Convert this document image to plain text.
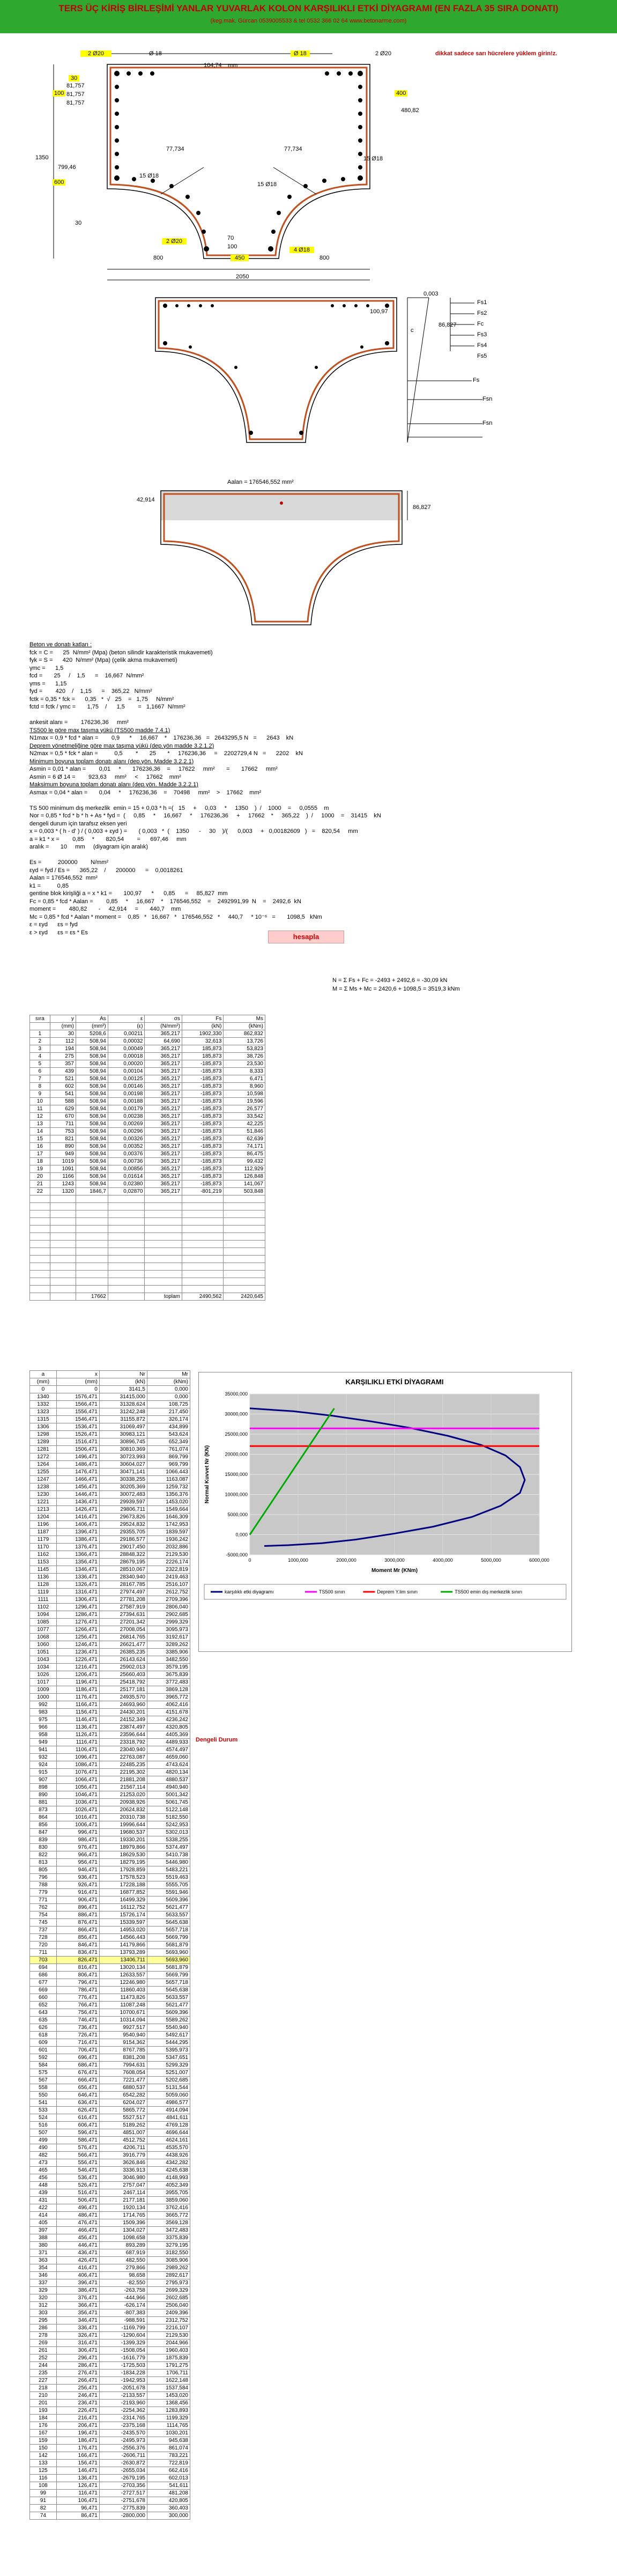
TERS ÜÇ KİRİŞ BİRLEŞİMİ YANLAR YUVARLAK KOLON KARŞILIKLI ETKİ DİYAGRAMI (EN FAZLA 35 SIRA DONATI)
(keg.mak. Gürcan 0539005533 & tel 0532 366 02 64 www.betonarme.com)
2 Ø20	Ø 18
104,74 mm
Ø 18	2 Ø20	dikkat sadece sarı hücrelere yüklem girin!z.
30
81,757
81,757
81,757
100
1350
799,46
600
480,82
400
77,734	77,734
15 Ø18
15 Ø18
15 Ø18
30
2 Ø20	70
100	4 Ø18
800	450	800
2050
0,003
Fs1
Fs2
Fc
Fs3
Fs4
Fs5
86,827
c
100,97
Fs
Fsn
Fsn
Aalan = 176546,552 mm²
42,914
86,827
Beton ve donatı katları :
fck = C =      25  N/mm² (Mpa) (beton silindir karakteristik mukavemeti)
fyk = S =      420  N/mm² (Mpa) (çelik akma mukavemeti)
γmc =      1,5
fcd =       25     /    1,5      =    16,667  N/mm²
γms =      1,15
fyd =        420    /    1,15      =    365,22   N/mm²
fctk = 0,35 * fck =      0,35   *  √   25    =   1,75     N/mm²
fctd = fctk / γmc =       1,75    /      1,5        =   1,1667  N/mm²
ankesit alanı =        176236,36     mm²
TS500 le göre max taşıma yükü (TS500 madde 7.4.1)
N1max = 0,9 * fcd * alan =        0,9      *     16,667    *    176236,36   =   2643295,5 N   =      2643    kN
Deprem yönetmeliğine göre max taşıma yükü (dep.yön madde 3.2.1.2)
N2max = 0,5 * fck * alan =          0,5        *       25       *     176236,36     =    2202729,4 N   =      2202    kN
Minimum boyuna toplam donatı alanı (dep.yön. Madde 3.2.2.1)
Asmin = 0,01 * alan =        0,01     *       176236,36    =     17622     mm²       =       17662     mm²
Asmin = 6 Ø 14 =        923,63     mm²     <     17662    mm²
Maksimum boyuna toplam donatı alanı (dep.yön. Madde 3.2.2.1)
Asmax = 0,04 * alan =       0,04     *     176236,36    =    70498     mm²    >    17662    mm²
TS 500 minimum dış merkezlik  emin = 15 + 0,03 * h =(   15     +     0,03     *     1350    )  /    1000    =     0,0555    m
Nor = 0,85 * fcd * b * h + As * fyd =  (     0,85     *     16,667     *     176236,36     +     17662    *     365,22    )  /     1000    =    31415    kN
dengeli durum için tarafsız eksen yeri
x = 0,003 * ( h - d' ) / ( 0,003 + εyd ) =       ( 0,003   *  (    1350      -     30    )/(      0,003     +   0,00182609   )   =    820,54     mm
a = k1 * x =        0,85     *       820,54        =      697,46     mm
aralık =       10     mm     (diyagram için aralık)
Es =          200000        N/mm²
εyd = fyd / Es =      365,22    /      200000      =    0,0018261
Aalan = 176546,552  mm²
k1 =          0,85
gentine blok kirişliği a = x * k1 =       100,97      *      0,85      =     85,827  mm
Fc = 0,85 * fcd * Aalan =        0,85     *     16,667    *    176546,552    =    2492991,99  N    =    2492,6  kN
moment =        480,82       -     42,914     =       440,7    mm
Mc = 0,85 * fcd * Aalan * moment =    0,85   *   16,667   *   176546,552   *     440,7     * 10⁻⁶   =       1098,5   kNm
ε = εyd      εs = fyd
ε > εyd      εs = εs * Es
hesapla
N = Σ Fs + Fc = -2493 + 2492,6 = -30,09 kN
M = Σ Ms + Mc = 2420,6 + 1098,5 = 3519,3 kNm
sıra	y	As	ε	σs	Fs	Ms
	(mm)	(mm²)	(ε)	(N/mm²)	(kN)	(kNm)
1	30	5208,6	0,00211	365,217	1902,330	862,832
2	112	508,94	0,00032	64,690	32,613	13,726
3	194	508,94	0,00049	365,217	185,873	53,823
4	275	508,94	0,00018	365,217	185,873	38,726
5	357	508,94	0,00020	365,217	-185,873	23,530
6	439	508,94	0,00104	365,217	-185,873	8,333
7	521	508,94	0,00125	365,217	-185,873	6,471
8	602	508,94	0,00146	365,217	-185,873	8,960
9	541	508,94	0,00198	365,217	-185,873	10,598
10	588	508,94	0,00188	365,217	-185,873	19,596
11	629	508,94	0,00179	365,217	-185,873	26,577
12	670	508,94	0,00238	365,217	-185,873	33,542
13	711	508,94	0,00269	365,217	-185,873	42,225
14	753	508,94	0,00296	365,217	-185,873	51,846
15	821	508,94	0,00326	365,217	-185,873	62,639
16	890	508,94	0,00352	365,217	-185,873	74,171
17	949	508,94	0,00376	365,217	-185,873	86,475
18	1019	508,94	0,00736	365,217	-185,873	99,432
19	1091	508,94	0,00856	365,217	-185,873	112,929
20	1166	508,94	0,01614	365,217	-185,873	126,848
21	1243	508,94	0,02380	365,217	-185,873	141,067
22	1320	1846,7	0,02870	365,217	-801,219	503,848

		17662		toplam	2490,562	2420,645
a	x	Nr	Mr
(mm)	(mm)	(kN)	(kNm)
0	0	3141,5	0,000
1340	1576,471	31415,000	0,000
1332	1566,471	31328,624	108,725
1323	1556,471	31242,248	217,450
1315	1546,471	31155,872	326,174
1306	1536,471	31069,497	434,899
1298	1526,471	30983,121	543,624
1289	1516,471	30896,745	652,349
1281	1506,471	30810,369	761,074
1272	1496,471	30723,993	869,799
1264	1486,471	30604,027	969,799
1255	1476,471	30471,141	1066,443
1247	1466,471	30338,255	1163,087
1238	1456,471	30205,369	1259,732
1230	1446,471	30072,483	1356,376
1221	1436,471	29939,597	1453,020
1213	1426,471	29806,711	1549,664
1204	1416,471	29673,826	1646,309
1196	1406,471	29524,832	1742,953
1187	1396,471	29355,705	1839,597
1179	1386,471	29186,577	1936,242
1170	1376,471	29017,450	2032,886
1162	1366,471	28848,322	2129,530
1153	1356,471	28679,195	2226,174
1145	1346,471	28510,067	2322,819
1136	1336,471	28340,940	2419,463
1128	1326,471	28167,785	2516,107
1119	1316,471	27974,497	2612,752
1111	1306,471	27781,208	2709,396
1102	1296,471	27587,919	2806,040
1094	1286,471	27394,631	2902,685
1085	1276,471	27201,342	2999,329
1077	1266,471	27008,054	3095,973
1068	1256,471	26814,765	3192,617
1060	1246,471	26621,477	3289,262
1051	1236,471	26385,235	3385,906
1043	1226,471	26143,624	3482,550
1034	1216,471	25902,013	3579,195
1026	1206,471	25660,403	3675,839
1017	1196,471	25418,792	3772,483
1009	1186,471	25177,181	3869,128
1000	1176,471	24935,570	3965,772
992	1166,471	24693,960	4062,416
983	1156,471	24430,201	4151,678
975	1146,471	24152,349	4236,242
966	1136,471	23874,497	4320,805
958	1126,471	23596,644	4405,369
949	1116,471	23318,792	4489,933
941	1106,471	23040,940	4574,497
932	1096,471	22763,087	4659,060
924	1086,471	22485,235	4743,624
915	1076,471	22195,302	4820,134
907	1066,471	21881,208	4880,537
898	1056,471	21567,114	4940,940
890	1046,471	21253,020	5001,342
881	1036,471	20938,926	5061,745
873	1026,471	20624,832	5122,148
864	1016,471	20310,738	5182,550
856	1006,471	19996,644	5242,953
847	996,471	19680,537	5302,013
839	986,471	19330,201	5338,255
830	976,471	18979,866	5374,497
822	966,471	18629,530	5410,738
813	956,471	18279,195	5446,980
805	946,471	17928,859	5483,221
796	936,471	17578,523	5519,463
788	926,471	17228,188	5555,705
779	916,471	16877,852	5591,946
771	906,471	16499,329	5609,396
762	896,471	16112,752	5621,477
754	886,471	15726,174	5633,557
745	876,471	15339,597	5645,638
737	866,471	14953,020	5657,718
728	856,471	14566,443	5669,799
720	846,471	14179,866	5681,879
711	836,471	13793,289	5693,960
703	826,471	13406,711	5693,960
694	816,471	13020,134	5681,879
686	806,471	12633,557	5669,799
677	796,471	12246,980	5657,718
669	786,471	11860,403	5645,638
660	776,471	11473,826	5633,557
652	766,471	11087,248	5621,477
643	756,471	10700,671	5609,396
635	746,471	10314,094	5589,262
626	736,471	9927,517	5540,940
618	726,471	9540,940	5492,617
609	716,471	9154,362	5444,295
601	706,471	8767,785	5395,973
592	696,471	8381,208	5347,651
584	686,471	7994,631	5299,329
575	676,471	7608,054	5251,007
567	666,471	7221,477	5202,685
558	656,471	6880,537	5131,544
550	646,471	6542,282	5059,060
541	636,471	6204,027	4986,577
533	626,471	5865,772	4914,094
524	616,471	5527,517	4841,611
516	606,471	5189,262	4769,128
507	596,471	4851,007	4696,644
499	586,471	4512,752	4624,161
490	576,471	4206,711	4535,570
482	566,471	3916,779	4438,926
473	556,471	3626,846	4342,282
465	546,471	3336,913	4245,638
456	536,471	3046,980	4148,993
448	526,471	2757,047	4052,349
439	516,471	2467,114	3955,705
431	506,471	2177,181	3859,060
422	496,471	1920,134	3762,416
414	486,471	1714,765	3665,772
405	476,471	1509,396	3569,128
397	466,471	1304,027	3472,483
388	456,471	1098,658	3375,839
380	446,471	893,289	3279,195
371	436,471	687,919	3182,550
363	426,471	482,550	3085,906
354	416,471	279,866	2989,262
346	406,471	98,658	2892,617
337	396,471	-82,550	2795,973
329	386,471	-263,758	2699,329
320	376,471	-444,966	2602,685
312	366,471	-626,174	2506,040
303	356,471	-807,383	2409,396
295	346,471	-988,591	2312,752
286	336,471	-1169,799	2216,107
278	326,471	-1290,604	2129,530
269	316,471	-1399,329	2044,966
261	306,471	-1508,054	1960,403
252	296,471	-1616,779	1875,839
244	286,471	-1725,503	1791,275
235	276,471	-1834,228	1706,711
227	266,471	-1942,953	1622,148
218	256,471	-2051,678	1537,584
210	246,471	-2133,557	1453,020
201	236,471	-2193,960	1368,456
193	226,471	-2254,362	1283,893
184	216,471	-2314,765	1199,329
176	206,471	-2375,168	1114,765
167	196,471	-2435,570	1030,201
159	186,471	-2495,973	945,638
150	176,471	-2556,376	861,074
142	166,471	-2606,711	783,221
133	156,471	-2630,872	722,819
125	146,471	-2655,034	662,416
116	136,471	-2679,195	602,013
108	126,471	-2703,356	541,611
99	116,471	-2727,517	481,208
91	106,471	-2751,678	420,805
82	96,471	-2775,839	360,403
74	86,471	-2800,000	300,000
Dengeli Durum
KARŞILIKLI ETKİ DİYAGRAMI
35000,000
30000,000
25000,000
20000,000
15000,000
10000,000
5000,000
0,000
-5000,000
0	1000,000	2000,000	3000,000	4000,000	5000,000	6000,000
Moment Mr (KNm)
Normal Kuvvet Nr (KN)
karşılıklı etki diyagramı	TS500 sınırı	Deprem Y.lim sınırı	TS500 emin dış merkezlik sınırı
